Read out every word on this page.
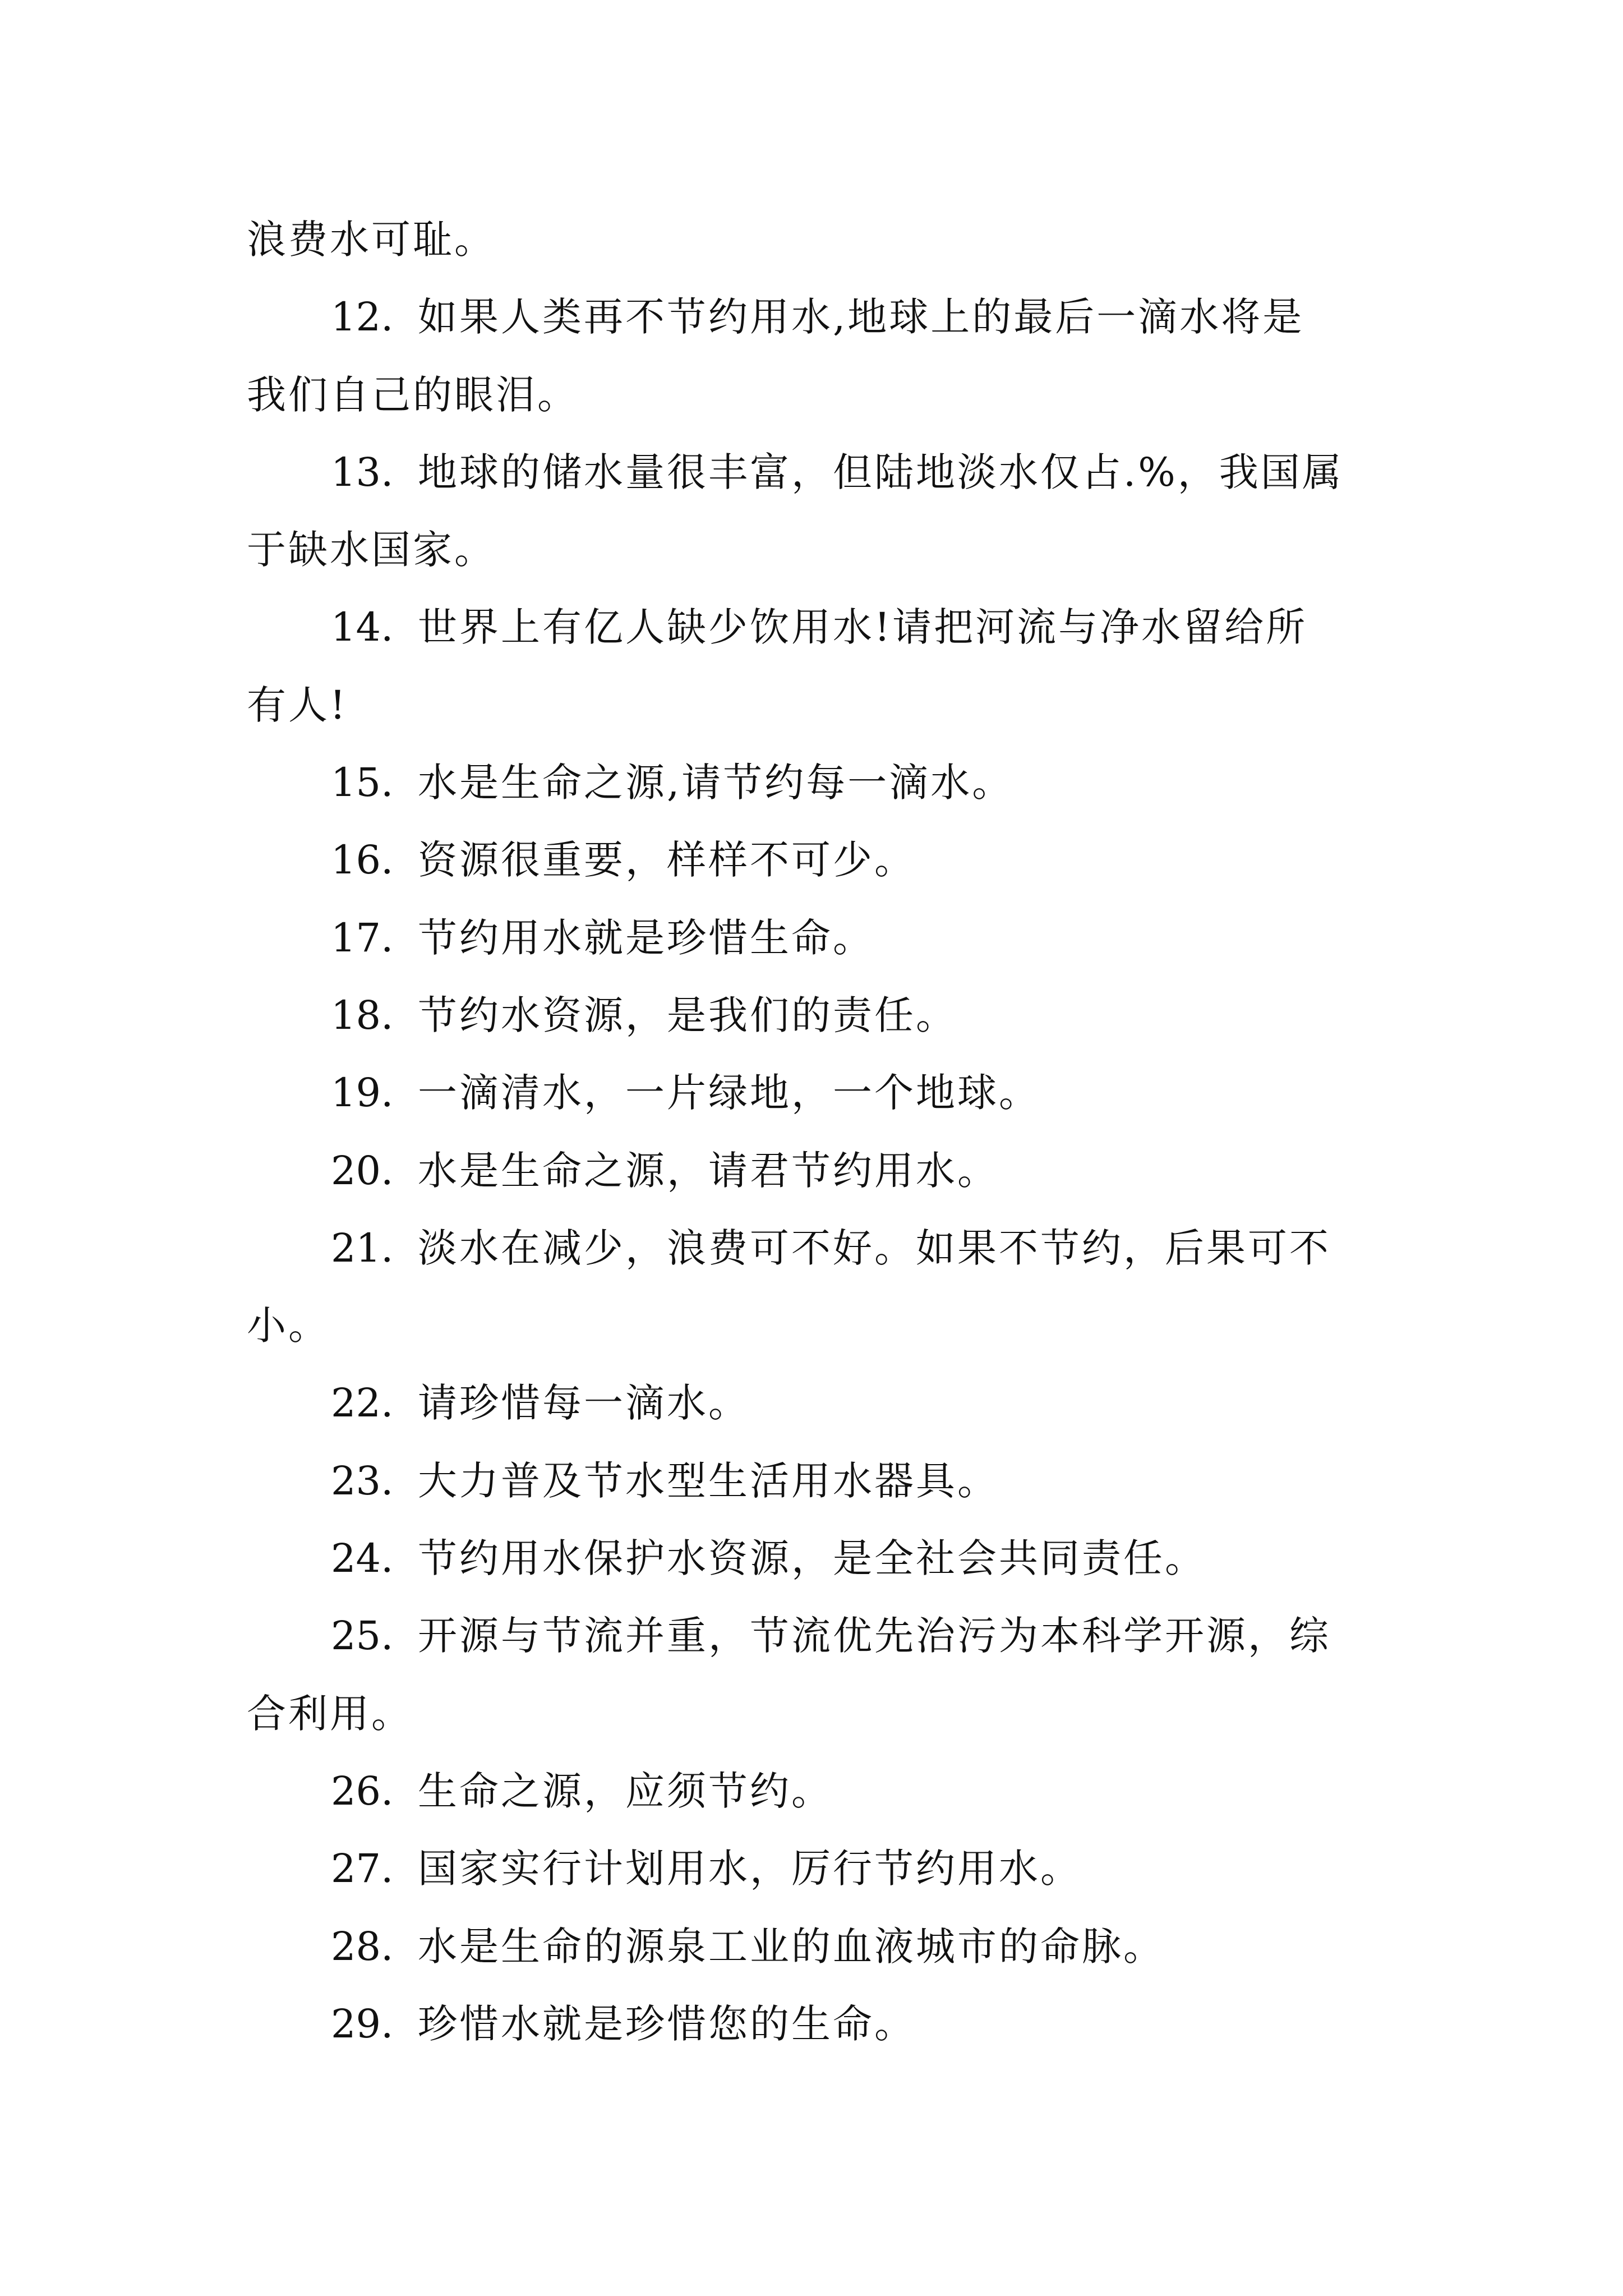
浪费水可耻。
12. 如果人类再不节约用水,地球上的最后一滴水将是
我们自己的眼泪。
13. 地球的储水量很丰富，但陆地淡水仅占.%，我国属
于缺水国家。
14. 世界上有亿人缺少饮用水!请把河流与净水留给所
有人!
15. 水是生命之源,请节约每一滴水。
16. 资源很重要，样样不可少。
17. 节约用水就是珍惜生命。
18. 节约水资源，是我们的责任。
19. 一滴清水，一片绿地，一个地球。
20. 水是生命之源，请君节约用水。
21. 淡水在减少，浪费可不好。如果不节约，后果可不
小。
22. 请珍惜每一滴水。
23. 大力普及节水型生活用水器具。
24. 节约用水保护水资源，是全社会共同责任。
25. 开源与节流并重，节流优先治污为本科学开源，综
合利用。
26. 生命之源，应须节约。
27. 国家实行计划用水，厉行节约用水。
28. 水是生命的源泉工业的血液城市的命脉。
29. 珍惜水就是珍惜您的生命。
